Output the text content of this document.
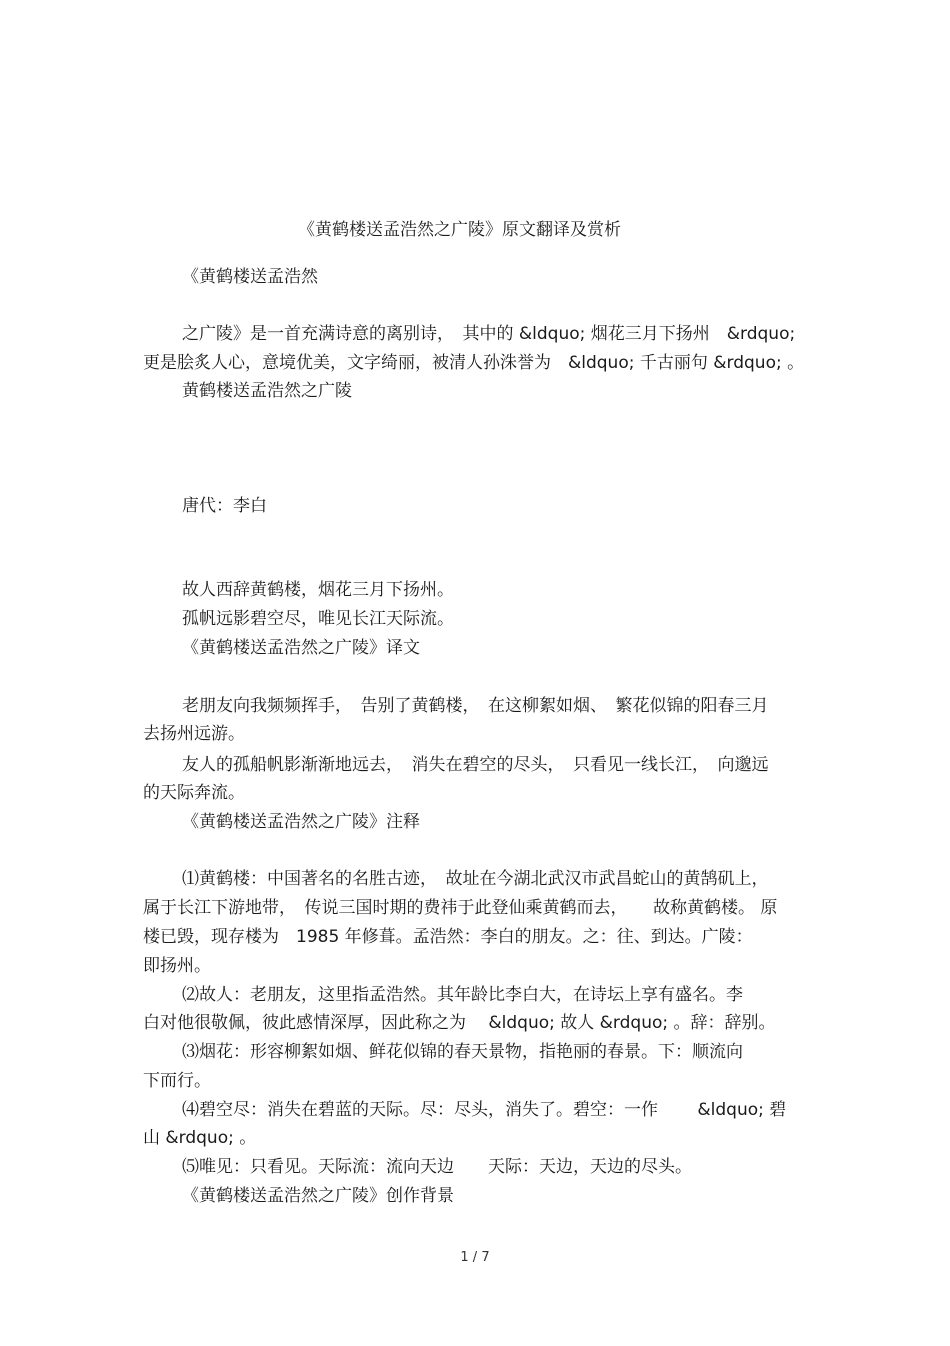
《黄鹤楼送孟浩然之广陵》原文翻译及赏析
《黄鹤楼送孟浩然
之广陵》是一首充满诗意的离别诗，　其中的 &ldquo; 烟花三月下扬州　&rdquo;
更是脍炙人心，意境优美，文字绮丽，被清人孙洙誉为　&ldquo; 千古丽句 &rdquo; 。
黄鹤楼送孟浩然之广陵
唐代：李白
故人西辞黄鹤楼，烟花三月下扬州。
孤帆远影碧空尽，唯见长江天际流。
《黄鹤楼送孟浩然之广陵》译文
老朋友向我频频挥手，　告别了黄鹤楼，　在这柳絮如烟、　繁花似锦的阳春三月
去扬州远游。
友人的孤船帆影渐渐地远去，　消失在碧空的尽头，　只看见一线长江，　向邈远
的天际奔流。
《黄鹤楼送孟浩然之广陵》注释
⑴黄鹤楼：中国著名的名胜古迹，　故址在今湖北武汉市武昌蛇山的黄鹄矶上，
属于长江下游地带，　传说三国时期的费祎于此登仙乘黄鹤而去，　　故称黄鹤楼。 原
楼已毁，现存楼为　1985 年修葺。孟浩然：李白的朋友。之：往、到达。广陵：
即扬州。
⑵故人：老朋友，这里指孟浩然。其年龄比李白大，在诗坛上享有盛名。李
白对他很敬佩，彼此感情深厚，因此称之为　 &ldquo; 故人 &rdquo; 。辞：辞别。
⑶烟花：形容柳絮如烟、鲜花似锦的春天景物，指艳丽的春景。下：顺流向
下而行。
⑷碧空尽：消失在碧蓝的天际。尽：尽头，消失了。碧空：一作　　 &ldquo; 碧
山 &rdquo; 。
⑸唯见：只看见。天际流：流向天边　　天际：天边，天边的尽头。
《黄鹤楼送孟浩然之广陵》创作背景
1 / 7
